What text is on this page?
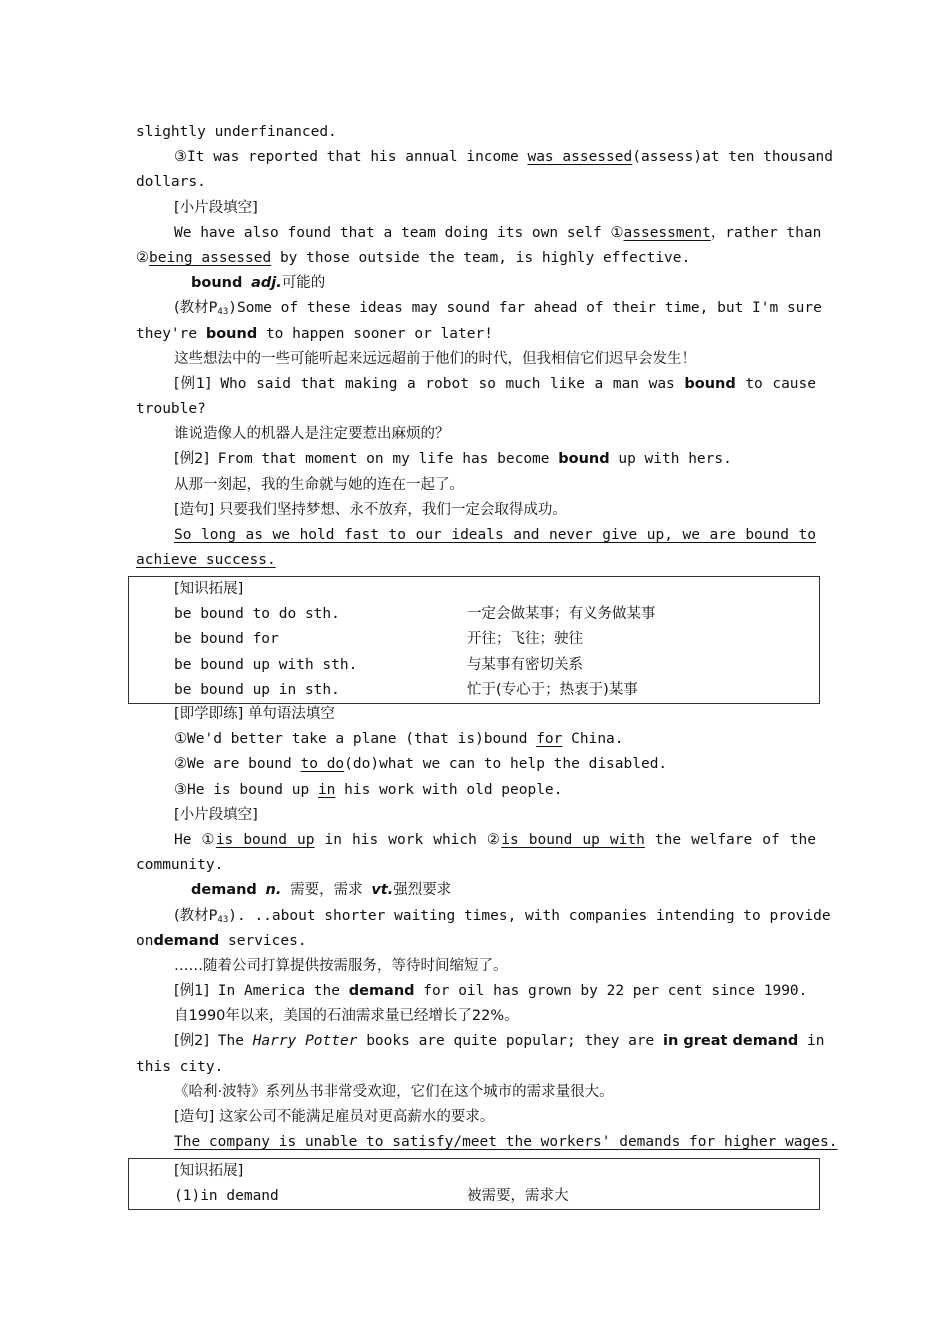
slightly underfinanced.
③It was reported that his annual income was assessed(assess)at ten thousand
dollars.
[小片段填空]
We have also found that a team doing its own self ①assessment，rather than
②being assessed by those outside the team, is highly effective.
bound adj.可能的
(教材$P_{43})Some$ of these ideas may sound far ahead of their time, but I'm sure
they're bound to happen sooner or later!
这些想法中的一些可能听起来远远超前于他们的时代，但我相信它们迟早会发生！
[例1] Who said that making a robot so much like a man was bound to cause
trouble?
谁说造像人的机器人是注定要惹出麻烦的？
[例2] From that moment on my life has become bound up with hers.
从那一刻起，我的生命就与她的连在一起了。
[造句] 只要我们坚持梦想、永不放弃，我们一定会取得成功。
So long as we hold fast to our ideals and never give up, we are bound to
achieve success.
[知识拓展]
be bound to do sth.	一定会做某事；有义务做某事
be bound for	开往；飞往；驶往
be bound up with sth.	与某事有密切关系
be bound up in sth.	忙于(专心于；热衷于)某事
[即学即练] 单句语法填空
①We'd better take a plane (that is)bound for China.
②We are bound to do(do)what we can to help the disabled.
③He is bound up in his work with old people.
[小片段填空]
He ①is bound up in his work which ②is bound up with the welfare of the
community.
demand n. 需要，需求 vt.强烈要求
(教材$P_{43}$). ..about shorter waiting times, with companies intending to provide
ondemand services.
……随着公司打算提供按需服务，等待时间缩短了。
[例1] In America the demand for oil has grown by 22 per cent since 1990.
自1990年以来，美国的石油需求量已经增长了22%。
[例2] The Harry Potter books are quite popular; they are in great demand in
this city.
《哈利·波特》系列丛书非常受欢迎，它们在这个城市的需求量很大。
[造句] 这家公司不能满足雇员对更高薪水的要求。
The company is unable to satisfy/meet the workers' demands for higher wages.
[知识拓展]
(1)in demand	被需要，需求大
